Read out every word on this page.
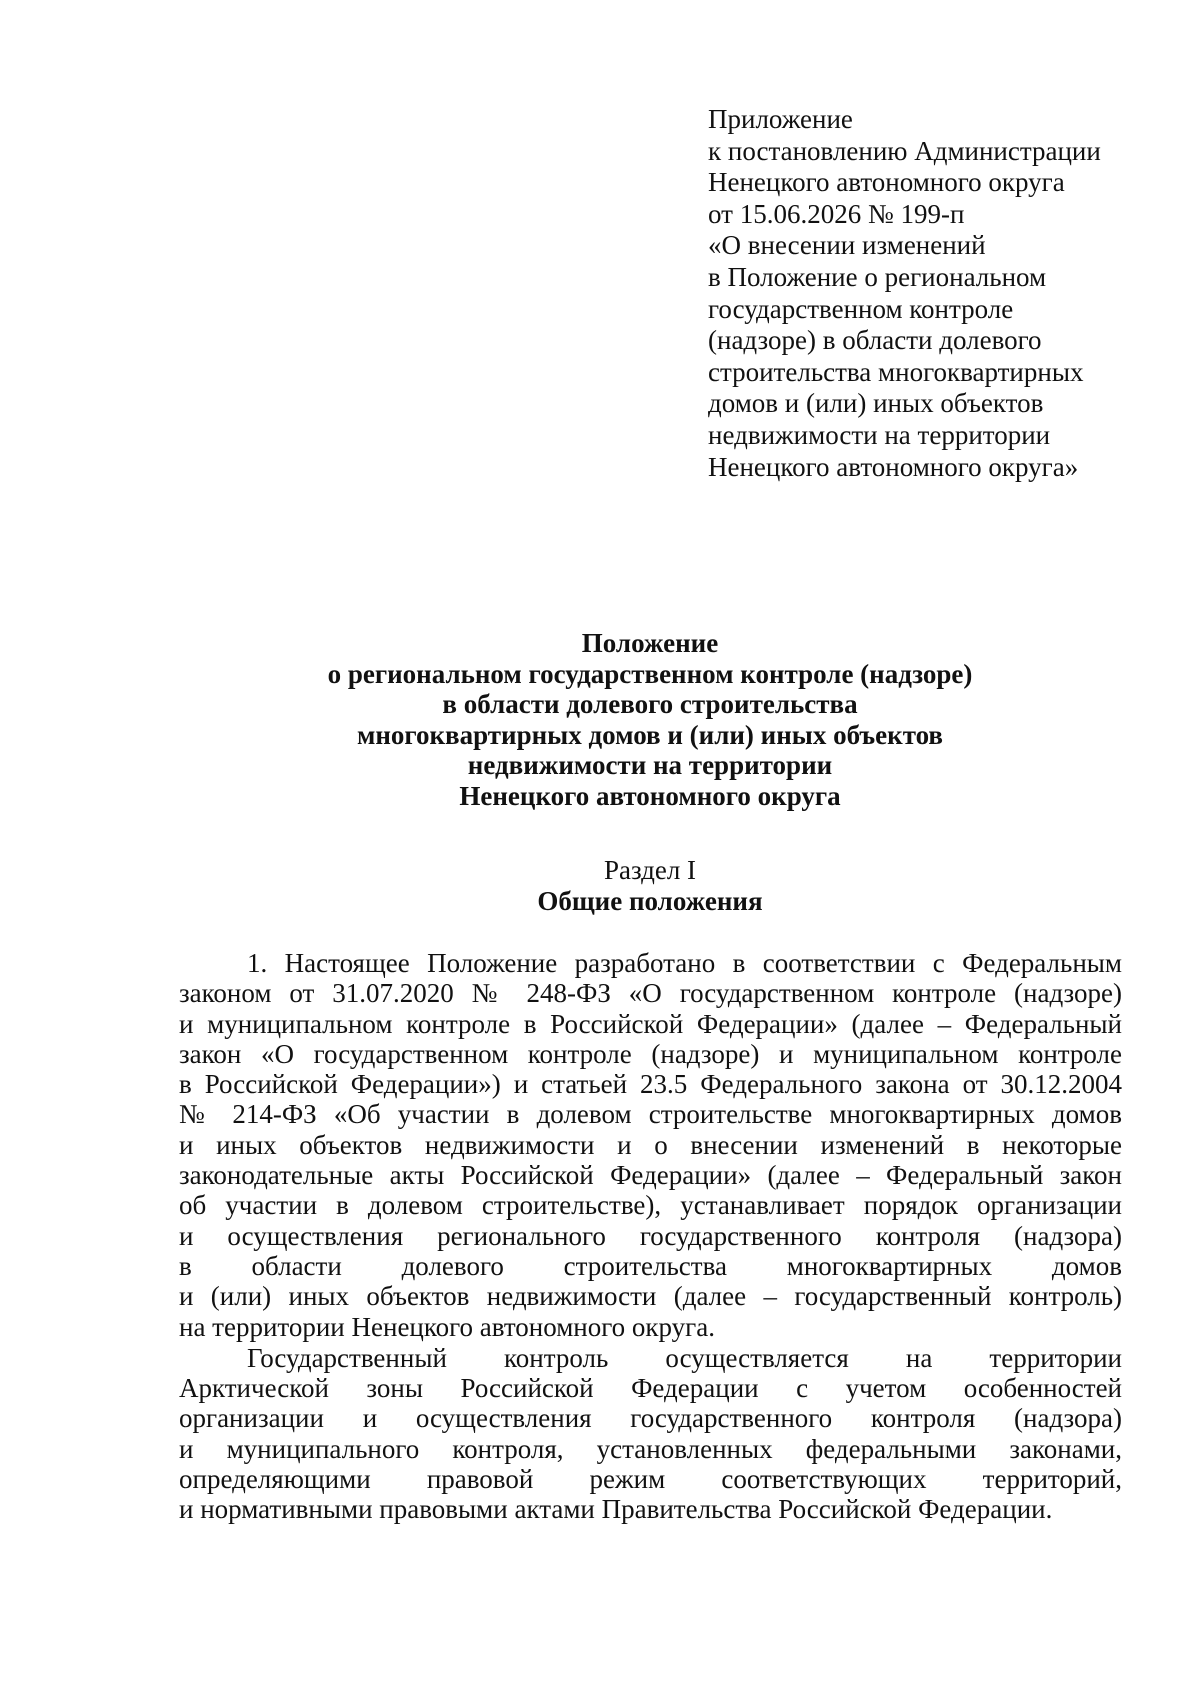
Приложение
к постановлению Администрации
Ненецкого автономного округа
от 15.06.2026 № 199-п
«О внесении изменений
в Положение о региональном
государственном контроле
(надзоре) в области долевого
строительства многоквартирных
домов и (или) иных объектов
недвижимости на территории
Ненецкого автономного округа»
Положение
о региональном государственном контроле (надзоре)
в области долевого строительства
многоквартирных домов и (или) иных объектов
недвижимости на территории
Ненецкого автономного округа
Раздел I
Общие положения
1. Настоящее Положение разработано в соответствии с Федеральным
законом от 31.07.2020 № 248-ФЗ «О государственном контроле (надзоре)
и муниципальном контроле в Российской Федерации» (далее – Федеральный
закон «О государственном контроле (надзоре) и муниципальном контроле
в Российской Федерации») и статьей 23.5 Федерального закона от 30.12.2004
№ 214-ФЗ «Об участии в долевом строительстве многоквартирных домов
и иных объектов недвижимости и о внесении изменений в некоторые
законодательные акты Российской Федерации» (далее – Федеральный закон
об участии в долевом строительстве), устанавливает порядок организации
и осуществления регионального государственного контроля (надзора)
в области долевого строительства многоквартирных домов
и (или) иных объектов недвижимости (далее – государственный контроль)
на территории Ненецкого автономного округа.
Государственный контроль осуществляется на территории
Арктической зоны Российской Федерации с учетом особенностей
организации и осуществления государственного контроля (надзора)
и муниципального контроля, установленных федеральными законами,
определяющими правовой режим соответствующих территорий,
и нормативными правовыми актами Правительства Российской Федерации.
